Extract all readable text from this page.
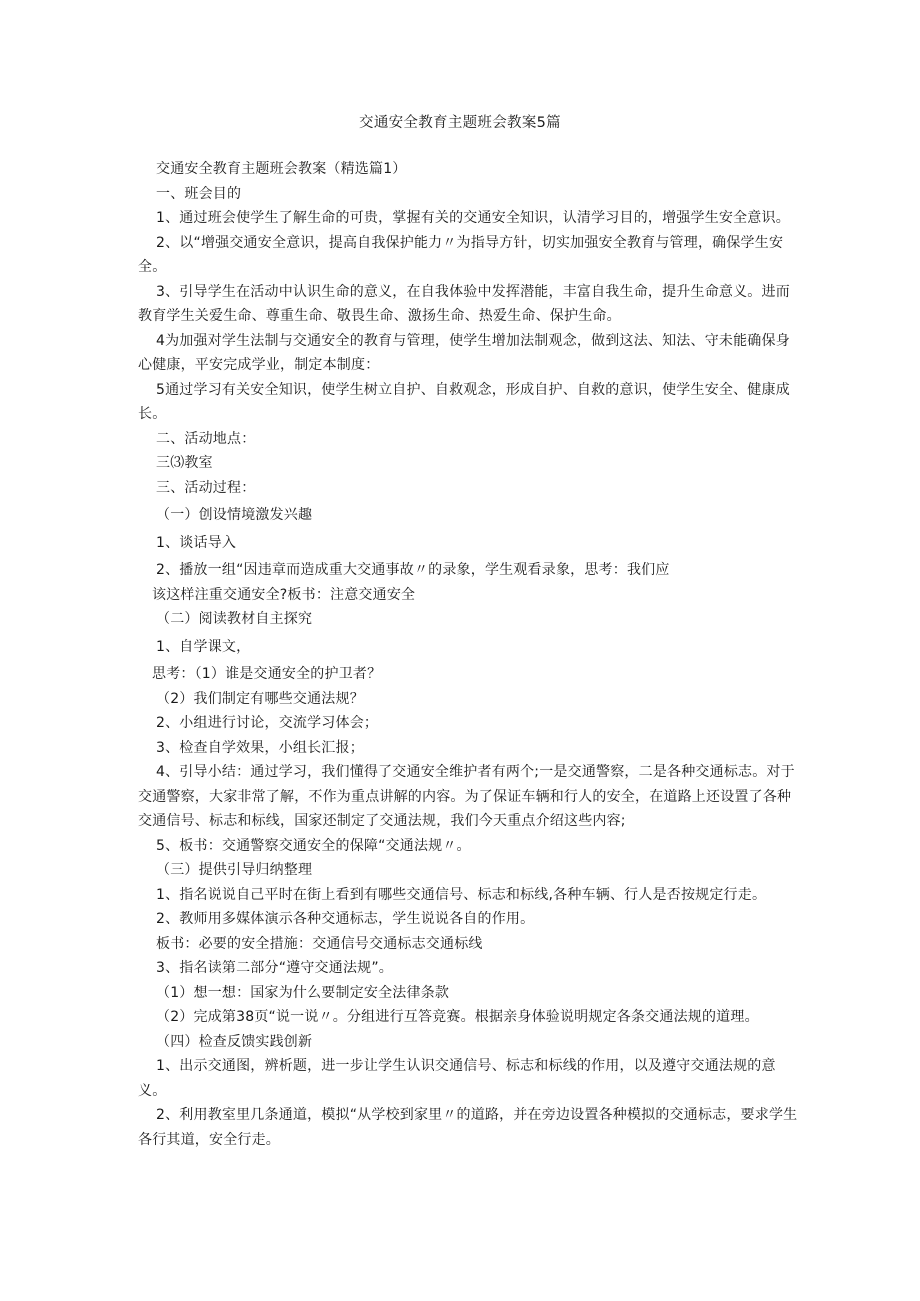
交通安全教育主题班会教案5篇

交通安全教育主题班会教案（精选篇1）

一、班会目的

1、通过班会使学生了解生命的可贵，掌握有关的交通安全知识，认清学习目的，增强学生安全意识。

2、以“增强交通安全意识，提高自我保护能力〃为指导方针，切实加强安全教育与管理，确保学生安全。

3、引导学生在活动中认识生命的意义，在自我体验中发挥潜能，丰富自我生命，提升生命意义。进而教育学生关爱生命、尊重生命、敬畏生命、激扬生命、热爱生命、保护生命。

4为加强对学生法制与交通安全的教育与管理，使学生增加法制观念，做到这法、知法、守未能确保身心健康，平安完成学业，制定本制度：

5通过学习有关安全知识，使学生树立自护、自救观念，形成自护、自救的意识，使学生安全、健康成长。

二、活动地点：

三⑶教室

三、活动过程：

（一）创设情境激发兴趣

1、谈话导入

2、播放一组“因违章而造成重大交通事故〃的录象，学生观看录象，思考：我们应

该这样注重交通安全?板书：注意交通安全

（二）阅读教材自主探究

1、自学课文，

思考：（1）谁是交通安全的护卫者？

（2）我们制定有哪些交通法规？

2、小组进行讨论，交流学习体会；

3、检查自学效果，小组长汇报；

4、引导小结：通过学习，我们懂得了交通安全维护者有两个;一是交通警察，二是各种交通标志。对于交通警察，大家非常了解，不作为重点讲解的内容。为了保证车辆和行人的安全，在道路上还设置了各种交通信号、标志和标线，国家还制定了交通法规，我们今天重点介绍这些内容;

5、板书：交通警察交通安全的保障“交通法规〃。

（三）提供引导归纳整理

1、指名说说自己平时在街上看到有哪些交通信号、标志和标线,各种车辆、行人是否按规定行走。

2、教师用多媒体演示各种交通标志，学生说说各自的作用。

板书：必要的安全措施：交通信号交通标志交通标线

3、指名读第二部分“遵守交通法规”。

（1）想一想：国家为什么要制定安全法律条款

（2）完成第38页“说一说〃。分组进行互答竞赛。根据亲身体验说明规定各条交通法规的道理。

（四）检查反馈实践创新

1、出示交通图，辨析题，进一步让学生认识交通信号、标志和标线的作用，以及遵守交通法规的意义。

2、利用教室里几条通道，模拟“从学校到家里〃的道路，并在旁边设置各种模拟的交通标志，要求学生各行其道，安全行走。
